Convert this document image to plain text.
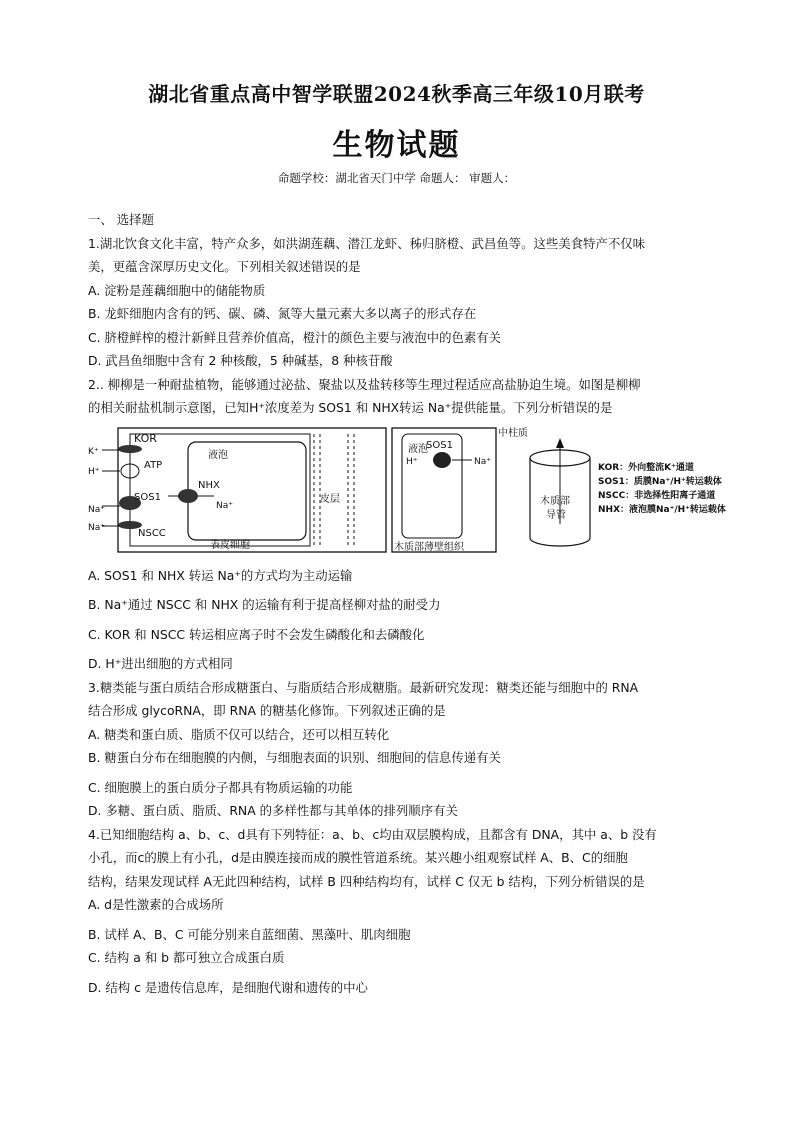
湖北省重点高中智学联盟2024秋季高三年级10月联考
生物试题
命题学校：湖北省天门中学 命题人： 审题人：
一、 选择题
1.湖北饮食文化丰富，特产众多，如洪湖莲藕、潜江龙虾、秭归脐橙、武昌鱼等。这些美食特产不仅味
美，更蕴含深厚历史文化。下列相关叙述错误的是
A. 淀粉是莲藕细胞中的储能物质
B. 龙虾细胞内含有的钙、碳、磷、氮等大量元素大多以离子的形式存在
C. 脐橙鲜榨的橙汁新鲜且营养价值高，橙汁的颜色主要与液泡中的色素有关
D. 武昌鱼细胞中含有 2 种核酸，5 种碱基，8 种核苷酸
2.. 柳柳是一种耐盐植物，能够通过泌盐、聚盐以及盐转移等生理过程适应高盐胁迫生境。如图是柳柳
的相关耐盐机制示意图，已知H⁺浓度差为 SOS1 和 NHX转运 Na⁺提供能量。下列分析错误的是
KOR
ATP
SOS1
NSCC
NHX
液泡
皮层
表皮细胞
液泡
SOS1
木质部薄壁组织
中柱质
木质部
导管
K⁺
H⁺
Na⁺
Na⁺
Na⁺
Na⁺
H⁺
KOR：外向整流K⁺通道
SOS1：质膜Na⁺/H⁺转运载体
NSCC：非选择性阳离子通道
NHX：液泡膜Na⁺/H⁺转运载体
A. SOS1 和 NHX 转运 Na⁺的方式均为主动运输
B. Na⁺通过 NSCC 和 NHX 的运输有利于提高柽柳对盐的耐受力
C. KOR 和 NSCC 转运相应离子时不会发生磷酸化和去磷酸化
D. H⁺进出细胞的方式相同
3.糖类能与蛋白质结合形成糖蛋白、与脂质结合形成糖脂。最新研究发现：糖类还能与细胞中的 RNA
结合形成 glycoRNA，即 RNA 的糖基化修饰。下列叙述正确的是
A. 糖类和蛋白质、脂质不仅可以结合，还可以相互转化
B. 糖蛋白分布在细胞膜的内侧，与细胞表面的识别、细胞间的信息传递有关
C. 细胞膜上的蛋白质分子都具有物质运输的功能
D. 多糖、蛋白质、脂质、RNA 的多样性都与其单体的排列顺序有关
4.已知细胞结构 a、b、c、d具有下列特征：a、b、c均由双层膜构成，且都含有 DNA，其中 a、b 没有
小孔，而c的膜上有小孔，d是由膜连接而成的膜性管道系统。某兴趣小组观察试样 A、B、C的细胞
结构，结果发现试样 A无此四种结构，试样 B 四种结构均有，试样 C 仅无 b 结构，下列分析错误的是
A. d是性激素的合成场所
B. 试样 A、B、C 可能分别来自蓝细菌、黑藻叶、肌肉细胞
C. 结构 a 和 b 都可独立合成蛋白质
D. 结构 c 是遗传信息库，是细胞代谢和遗传的中心
